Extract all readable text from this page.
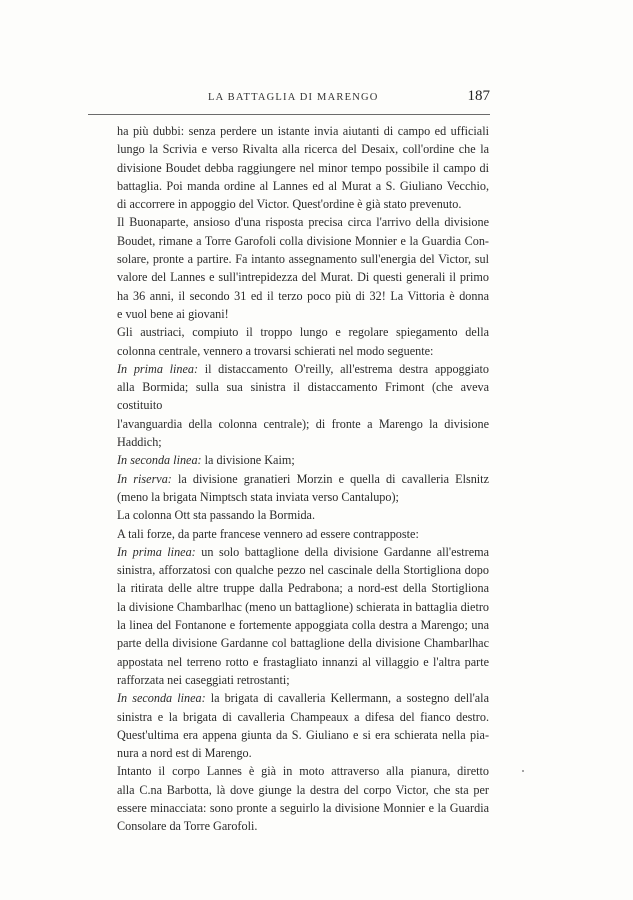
LA BATTAGLIA DI MARENGO	187

ha più dubbi: senza perdere un istante invia aiutanti di campo ed ufficiali

lungo la Scrivia e verso Rivalta alla ricerca del Desaix, coll'ordine che la

divisione Boudet debba raggiungere nel minor tempo possibile il campo di

battaglia. Poi manda ordine al Lannes ed al Murat a S. Giuliano Vecchio,

di accorrere in appoggio del Victor. Quest'ordine è già stato prevenuto.

Il Buonaparte, ansioso d'una risposta precisa circa l'arrivo della divisione

Boudet, rimane a Torre Garofoli colla divisione Monnier e la Guardia Con-

solare, pronte a partire. Fa intanto assegnamento sull'energia del Victor, sul

valore del Lannes e sull'intrepidezza del Murat. Di questi generali il primo

ha 36 anni, il secondo 31 ed il terzo poco più di 32! La Vittoria è donna

e vuol bene ai giovani!

Gli austriaci, compiuto il troppo lungo e regolare spiegamento della

colonna centrale, vennero a trovarsi schierati nel modo seguente:

In prima linea: il distaccamento O'reilly, all'estrema destra appoggiato

alla Bormida; sulla sua sinistra il distaccamento Frimont (che aveva costituito

l'avanguardia della colonna centrale); di fronte a Marengo la divisione Haddich;

In seconda linea: la divisione Kaim;

In riserva: la divisione granatieri Morzin e quella di cavalleria Elsnitz

(meno la brigata Nimptsch stata inviata verso Cantalupo);

La colonna Ott sta passando la Bormida.

A tali forze, da parte francese vennero ad essere contrapposte:

In prima linea: un solo battaglione della divisione Gardanne all'estrema

sinistra, afforzatosi con qualche pezzo nel cascinale della Stortigliona dopo

la ritirata delle altre truppe dalla Pedrabona; a nord-est della Stortigliona

la divisione Chambarlhac (meno un battaglione) schierata in battaglia dietro

la linea del Fontanone e fortemente appoggiata colla destra a Marengo; una

parte della divisione Gardanne col battaglione della divisione Chambarlhac

appostata nel terreno rotto e frastagliato innanzi al villaggio e l'altra parte

rafforzata nei caseggiati retrostanti;

In seconda linea: la brigata di cavalleria Kellermann, a sostegno dell'ala

sinistra e la brigata di cavalleria Champeaux a difesa del fianco destro.

Quest'ultima era appena giunta da S. Giuliano e si era schierata nella pia-

nura a nord est di Marengo.

Intanto il corpo Lannes è già in moto attraverso alla pianura, diretto

alla C.na Barbotta, là dove giunge la destra del corpo Victor, che sta per

essere minacciata: sono pronte a seguirlo la divisione Monnier e la Guardia

Consolare da Torre Garofoli.
